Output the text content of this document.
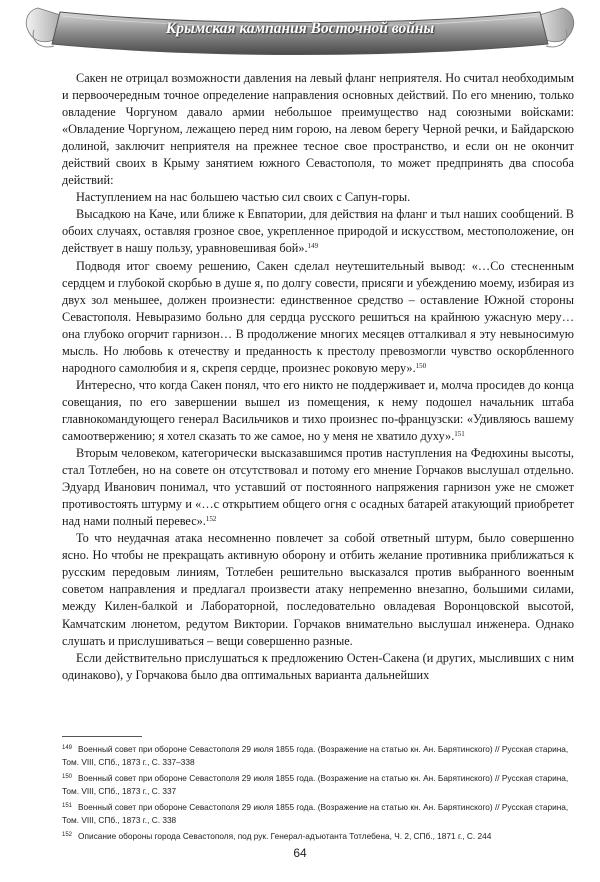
Крымская кампания Восточной войны

Сакен не отрицал возможности давления на левый фланг неприятеля. Но считал необходимым и первоочередным точное определение направления основных действий. По его мнению, только овладение Чоргуном давало армии небольшое преимущество над союзными войсками: «Овладение Чоргуном, лежащею перед ним горою, на левом берегу Черной речки, и Байдарскою долиной, заключит неприятеля на прежнее тесное свое пространство, и если он не окончит действий своих в Крыму занятием южного Севастополя, то может предпринять два способа действий:

Наступлением на нас большею частью сил своих с Сапун-горы.

Высадкою на Каче, или ближе к Евпатории, для действия на фланг и тыл наших сообщений. В обоих случаях, оставляя грозное свое, укрепленное природой и искусством, местоположение, он действует в нашу пользу, уравновешивая бой».$^{149}$

Подводя итог своему решению, Сакен сделал неутешительный вывод: «…Со стесненным сердцем и глубокой скорбью в душе я, по долгу совести, присяги и убеждению моему, избирая из двух зол меньшее, должен произнести: единственное средство – оставление Южной стороны Севастополя. Невыразимо больно для сердца русского решиться на крайнюю ужасную меру… она глубоко огорчит гарнизон… В продолжение многих месяцев отталкивал я эту невыносимую мысль. Но любовь к отечеству и преданность к престолу превозмогли чувство оскорбленного народного самолюбия и я, скрепя сердце, произнес роковую меру».$^{150}$

Интересно, что когда Сакен понял, что его никто не поддерживает и, молча просидев до конца совещания, по его завершении вышел из помещения, к нему подошел начальник штаба главнокомандующего генерал Васильчиков и тихо произнес по-французски: «Удивляюсь вашему самоотвержению; я хотел сказать то же самое, но у меня не хватило духу».$^{151}$

Вторым человеком, категорически высказавшимся против наступления на Федюхины высоты, стал Тотлебен, но на совете он отсутствовал и потому его мнение Горчаков выслушал отдельно. Эдуард Иванович понимал, что уставший от постоянного напряжения гарнизон уже не сможет противостоять штурму и «…с открытием общего огня с осадных батарей атакующий приобретет над нами полный перевес».$^{152}$

То что неудачная атака несомненно повлечет за собой ответный штурм, было совершенно ясно. Но чтобы не прекращать активную оборону и отбить желание противника приближаться к русским передовым линиям, Тотлебен решительно высказался против выбранного военным советом направления и предлагал произвести атаку непременно внезапно, большими силами, между Килен-балкой и Лабораторной, последовательно овладевая Воронцовской высотой, Камчатским люнетом, редутом Виктории. Горчаков внимательно выслушал инженера. Однако слушать и прислушиваться – вещи совершенно разные.

Если действительно прислушаться к предложению Остен-Сакена (и других, мысливших с ним одинаково), у Горчакова было два оптимальных варианта дальнейших

$^{149}$ Военный совет при обороне Севастополя 29 июля 1855 года. (Возражение на статью кн. Ан. Барятинского) // Русская старина, Том. VIII, СПб., 1873 г., С. 337–338
$^{150}$ Военный совет при обороне Севастополя 29 июля 1855 года. (Возражение на статью кн. Ан. Барятинского) // Русская старина, Том. VIII, СПб., 1873 г., С. 337
$^{151}$ Военный совет при обороне Севастополя 29 июля 1855 года. (Возражение на статью кн. Ан. Барятинского) // Русская старина, Том. VIII, СПб., 1873 г., С. 338
$^{152}$ Описание обороны города Севастополя, под рук. Генерал-адъютанта Тотлебена, Ч. 2, СПб., 1871 г., С. 244
64
